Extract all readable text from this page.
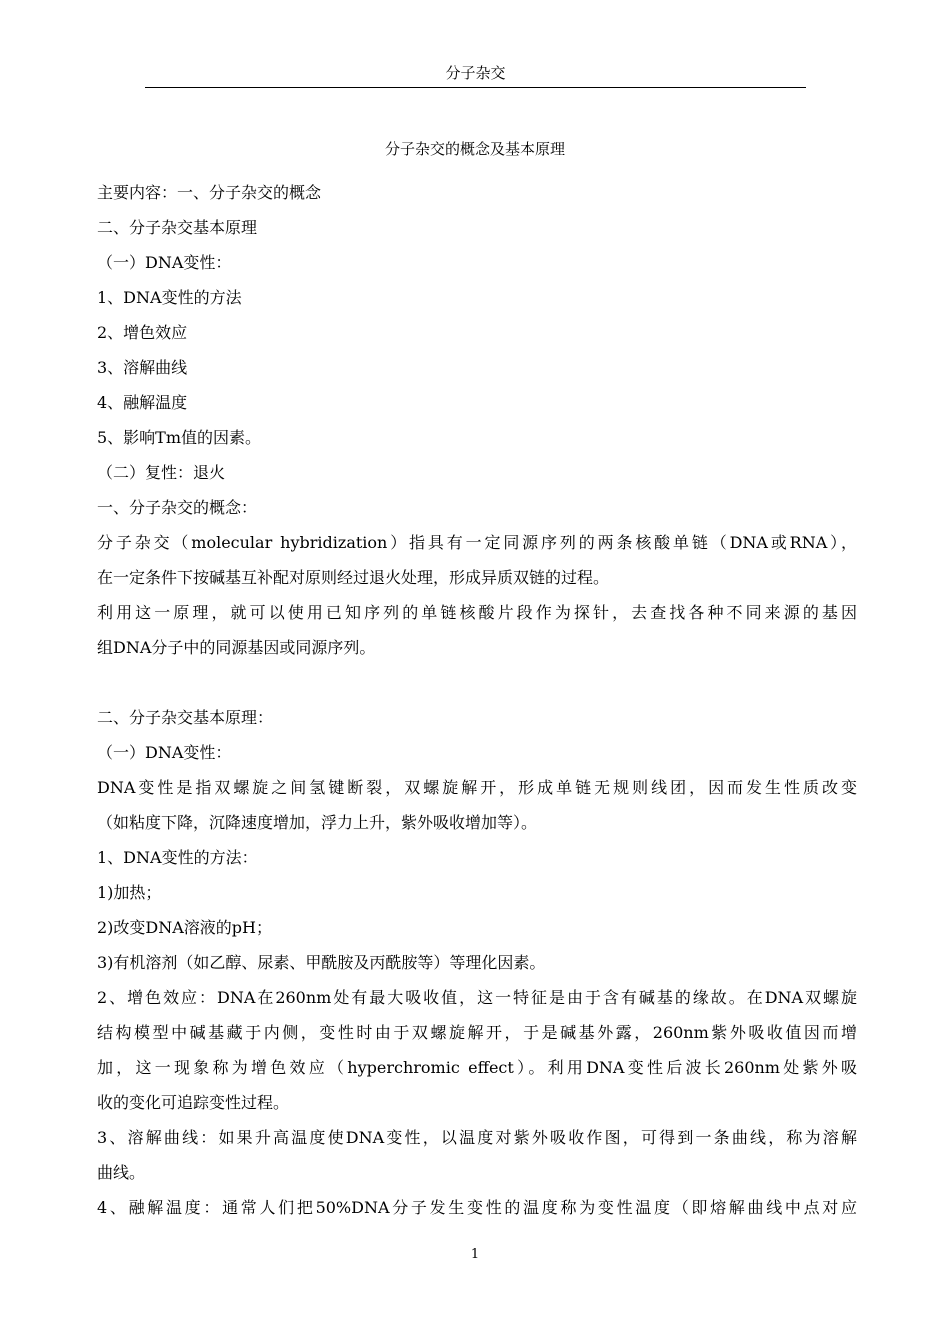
分子杂交
分子杂交的概念及基本原理
主要内容：一、分子杂交的概念
二、分子杂交基本原理
（一）DNA变性：
1、DNA变性的方法
2、增色效应
3、溶解曲线
4、融解温度
5、影响Tm值的因素。
（二）复性：退火
一、分子杂交的概念：
分子杂交（molecular hybridization）指具有一定同源序列的两条核酸单链（DNA或RNA），
在一定条件下按碱基互补配对原则经过退火处理，形成异质双链的过程。
利用这一原理，就可以使用已知序列的单链核酸片段作为探针，去查找各种不同来源的基因
组DNA分子中的同源基因或同源序列。
二、分子杂交基本原理：
（一）DNA变性：
DNA变性是指双螺旋之间氢键断裂，双螺旋解开，形成单链无规则线团，因而发生性质改变
（如粘度下降，沉降速度增加，浮力上升，紫外吸收增加等）。
1、DNA变性的方法：
1)加热；
2)改变DNA溶液的pH；
3)有机溶剂（如乙醇、尿素、甲酰胺及丙酰胺等）等理化因素。
2、增色效应：DNA在260nm处有最大吸收值，这一特征是由于含有碱基的缘故。在DNA双螺旋
结构模型中碱基藏于内侧，变性时由于双螺旋解开，于是碱基外露，260nm紫外吸收值因而增
加，这一现象称为增色效应（hyperchromic effect）。利用DNA变性后波长260nm处紫外吸
收的变化可追踪变性过程。
3、溶解曲线：如果升高温度使DNA变性，以温度对紫外吸收作图，可得到一条曲线，称为溶解
曲线。
4、融解温度：通常人们把50%DNA分子发生变性的温度称为变性温度（即熔解曲线中点对应
1
